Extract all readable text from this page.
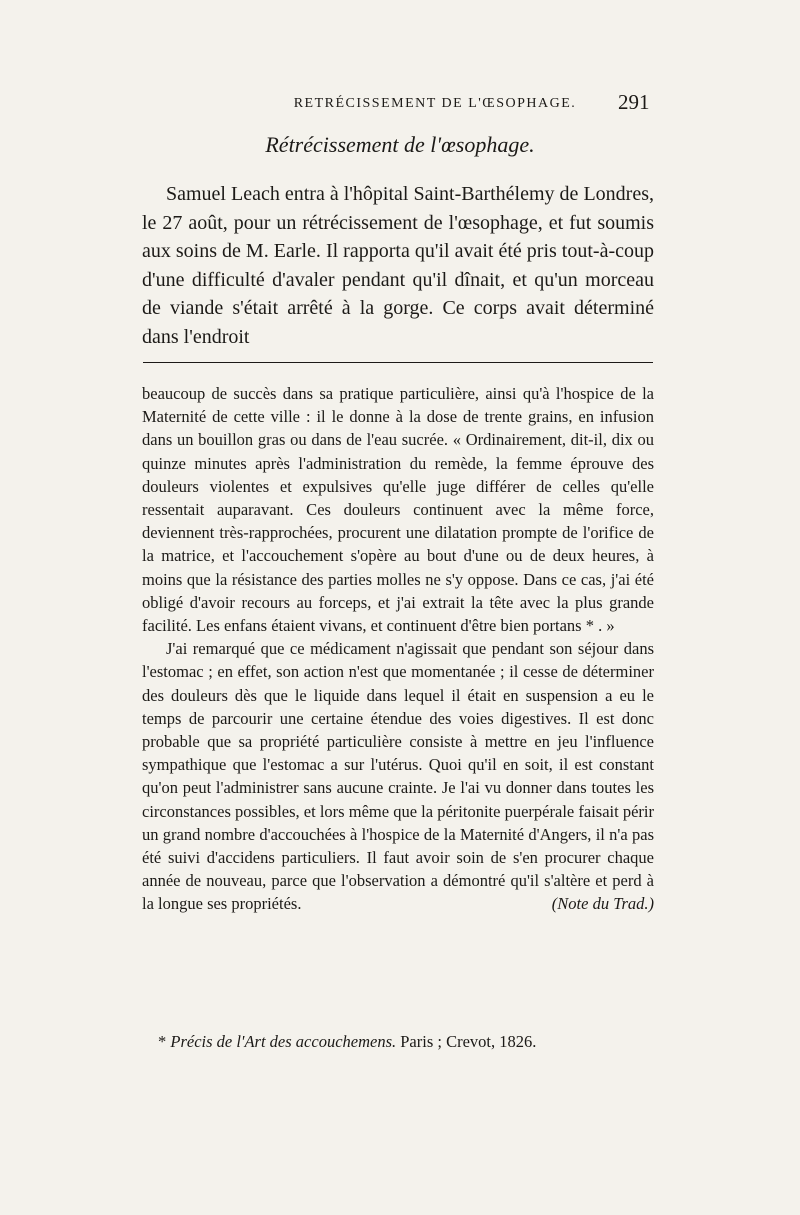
RETRÉCISSEMENT DE L'ŒSOPHAGE.	291
Rétrécissement de l'œsophage.

Samuel Leach entra à l'hôpital Saint-Barthélemy de Londres, le 27 août, pour un rétrécissement de l'œsophage, et fut soumis aux soins de M. Earle. Il rapporta qu'il avait été pris tout-à-coup d'une difficulté d'avaler pendant qu'il dînait, et qu'un morceau de viande s'était arrêté à la gorge. Ce corps avait déterminé dans l'endroit

beaucoup de succès dans sa pratique particulière, ainsi qu'à l'hospice de la Maternité de cette ville : il le donne à la dose de trente grains, en infusion dans un bouillon gras ou dans de l'eau sucrée. « Ordinairement, dit-il, dix ou quinze minutes après l'administration du remède, la femme éprouve des douleurs violentes et expulsives qu'elle juge différer de celles qu'elle ressentait auparavant. Ces douleurs continuent avec la même force, deviennent très-rapprochées, procurent une dilatation prompte de l'orifice de la matrice, et l'accouchement s'opère au bout d'une ou de deux heures, à moins que la résistance des parties molles ne s'y oppose. Dans ce cas, j'ai été obligé d'avoir recours au forceps, et j'ai extrait la tête avec la plus grande facilité. Les enfans étaient vivans, et continuent d'être bien portans * . »

J'ai remarqué que ce médicament n'agissait que pendant son séjour dans l'estomac ; en effet, son action n'est que momentanée ; il cesse de déterminer des douleurs dès que le liquide dans lequel il était en suspension a eu le temps de parcourir une certaine étendue des voies digestives. Il est donc probable que sa propriété particulière consiste à mettre en jeu l'influence sympathique que l'estomac a sur l'utérus. Quoi qu'il en soit, il est constant qu'on peut l'administrer sans aucune crainte. Je l'ai vu donner dans toutes les circonstances possibles, et lors même que la péritonite puerpérale faisait périr un grand nombre d'accouchées à l'hospice de la Maternité d'Angers, il n'a pas été suivi d'accidens particuliers. Il faut avoir soin de s'en procurer chaque année de nouveau, parce que l'observation a démontré qu'il s'altère et perd à la longue ses propriétés.	(Note du Trad.)

* Précis de l'Art des accouchemens. Paris ; Crevot, 1826.
